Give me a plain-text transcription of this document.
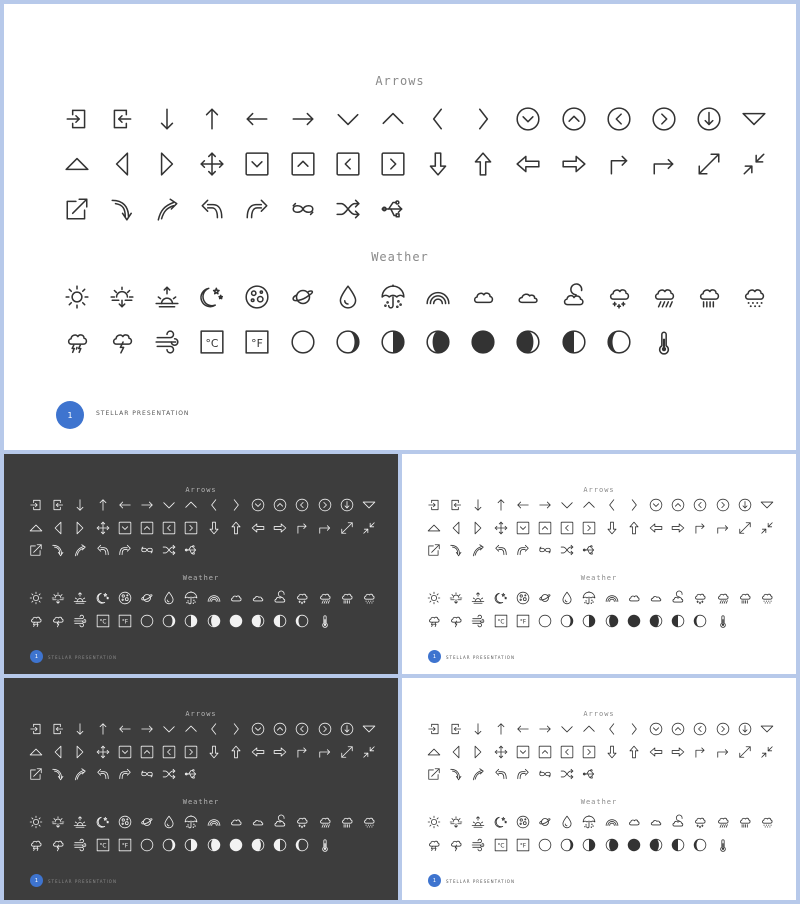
Arrows
Weather
°C	°F
1	STELLAR PRESENTATION
Arrows
Weather
°C °F
1	STELLAR PRESENTATION
Arrows
Weather
°C °F
1	STELLAR PRESENTATION
Arrows
Weather
°C °F
1	STELLAR PRESENTATION
Arrows
Weather
°C °F
1	STELLAR PRESENTATION
